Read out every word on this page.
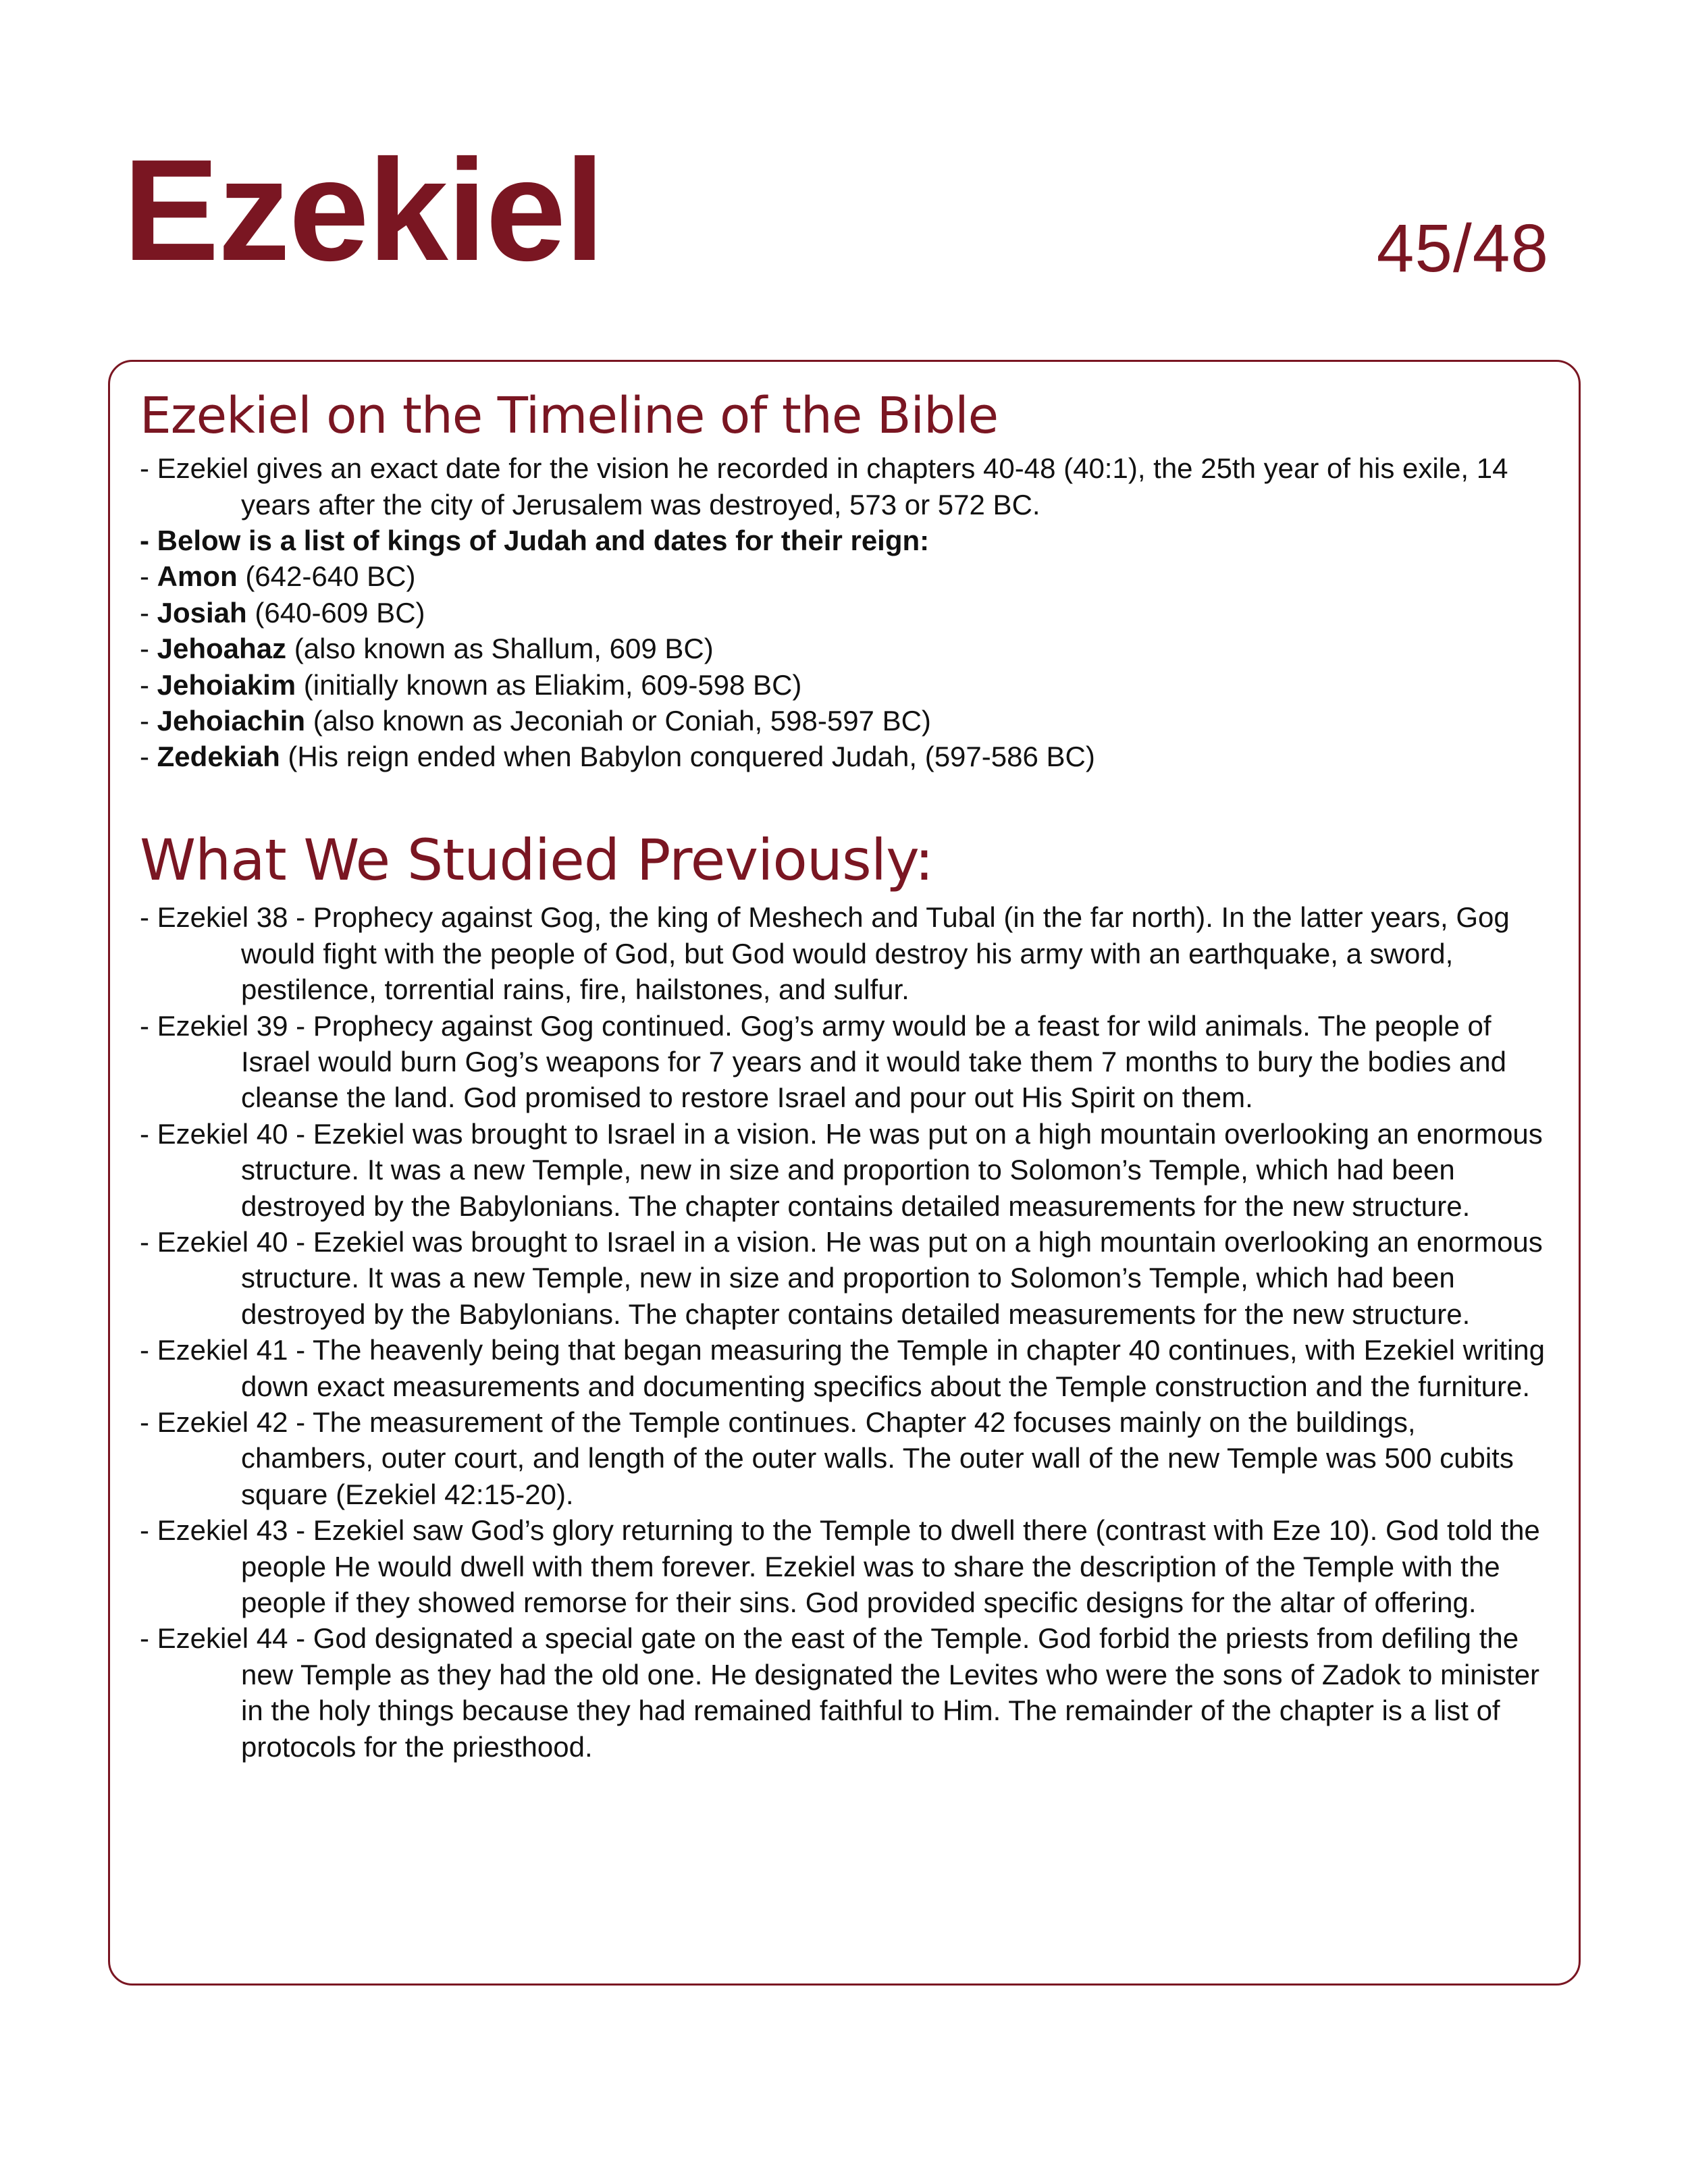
Ezekiel	45/48
Ezekiel on the Timeline of the Bible
- Ezekiel gives an exact date for the vision he recorded in chapters 40-48 (40:1), the 25th year of his exile, 14 years after the city of Jerusalem was destroyed, 573 or 572 BC.
- Below is a list of kings of Judah and dates for their reign:
- Amon (642-640 BC)
- Josiah (640-609 BC)
- Jehoahaz (also known as Shallum, 609 BC)
- Jehoiakim (initially known as Eliakim, 609-598 BC)
- Jehoiachin (also known as Jeconiah or Coniah, 598-597 BC)
- Zedekiah (His reign ended when Babylon conquered Judah, (597-586 BC)
What We Studied Previously:
- Ezekiel 38 - Prophecy against Gog, the king of Meshech and Tubal (in the far north). In the latter years, Gog would fight with the people of God, but God would destroy his army with an earthquake, a sword, pestilence, torrential rains, fire, hailstones, and sulfur.
- Ezekiel 39 - Prophecy against Gog continued. Gog’s army would be a feast for wild animals. The people of Israel would burn Gog’s weapons for 7 years and it would take them 7 months to bury the bodies and cleanse the land. God promised to restore Israel and pour out His Spirit on them.
- Ezekiel 40 - Ezekiel was brought to Israel in a vision. He was put on a high mountain overlooking an enormous structure. It was a new Temple, new in size and proportion to Solomon’s Temple, which had been destroyed by the Babylonians. The chapter contains detailed measurements for the new structure.
- Ezekiel 40 - Ezekiel was brought to Israel in a vision. He was put on a high mountain overlooking an enormous structure. It was a new Temple, new in size and proportion to Solomon’s Temple, which had been destroyed by the Babylonians. The chapter contains detailed measurements for the new structure.
- Ezekiel 41 - The heavenly being that began measuring the Temple in chapter 40 continues, with Ezekiel writing down exact measurements and documenting specifics about the Temple construction and the furniture.
- Ezekiel 42 - The measurement of the Temple continues. Chapter 42 focuses mainly on the buildings, chambers, outer court, and length of the outer walls. The outer wall of the new Temple was 500 cubits square (Ezekiel 42:15-20).
- Ezekiel 43 - Ezekiel saw God’s glory returning to the Temple to dwell there (contrast with Eze 10). God told the people He would dwell with them forever. Ezekiel was to share the description of the Temple with the people if they showed remorse for their sins. God provided specific designs for the altar of offering.
- Ezekiel 44 - God designated a special gate on the east of the Temple. God forbid the priests from defiling the new Temple as they had the old one. He designated the Levites who were the sons of Zadok to minister in the holy things because they had remained faithful to Him. The remainder of the chapter is a list of protocols for the priesthood.
